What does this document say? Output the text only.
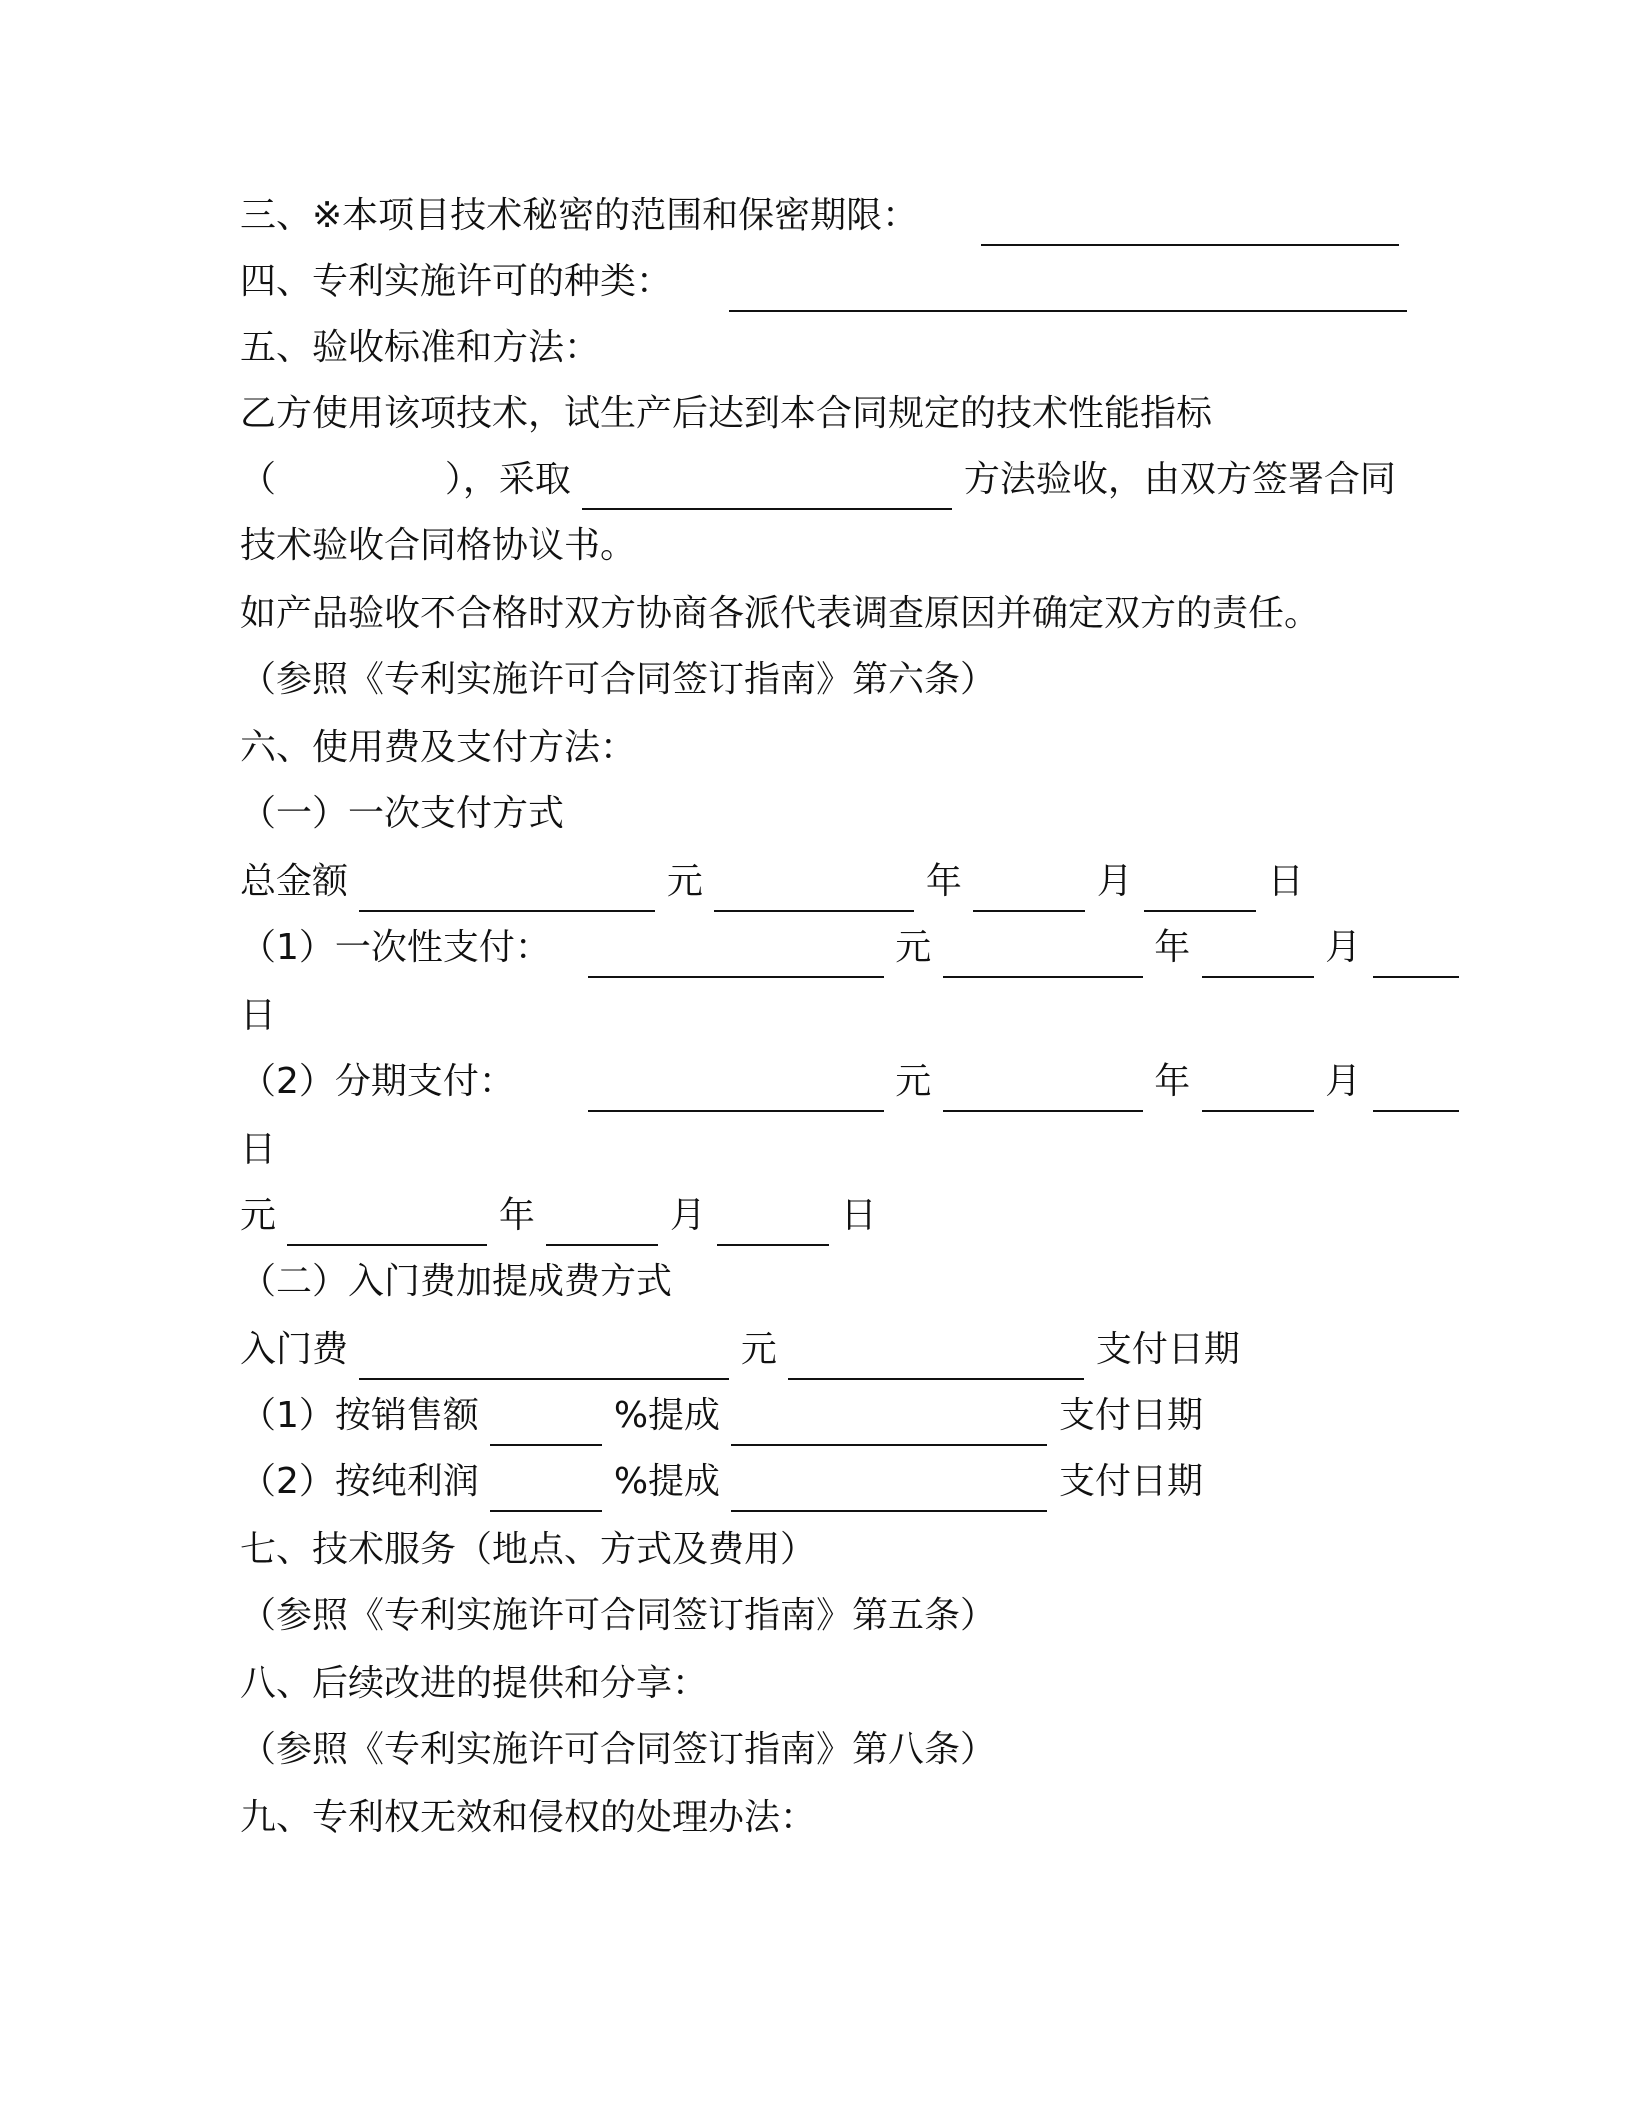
三、※本项目技术秘密的范围和保密期限：
四、专利实施许可的种类：
五、验收标准和方法：
乙方使用该项技术，试生产后达到本合同规定的技术性能指标
（	），采取	方法验收，由双方签署合同
技术验收合同格协议书。
如产品验收不合格时双方协商各派代表调查原因并确定双方的责任。
（参照《专利实施许可合同签订指南》第六条）
六、使用费及支付方法：
（一）一次支付方式
总金额	元	年	月	日
（1）一次性支付：	元	年	月
日
（2）分期支付：	元	年	月
日
元	年	月	日
（二）入门费加提成费方式
入门费	元	支付日期
（1）按销售额	%提成	支付日期
（2）按纯利润	%提成	支付日期
七、技术服务（地点、方式及费用）
（参照《专利实施许可合同签订指南》第五条）
八、后续改进的提供和分享：
（参照《专利实施许可合同签订指南》第八条）
九、专利权无效和侵权的处理办法：
